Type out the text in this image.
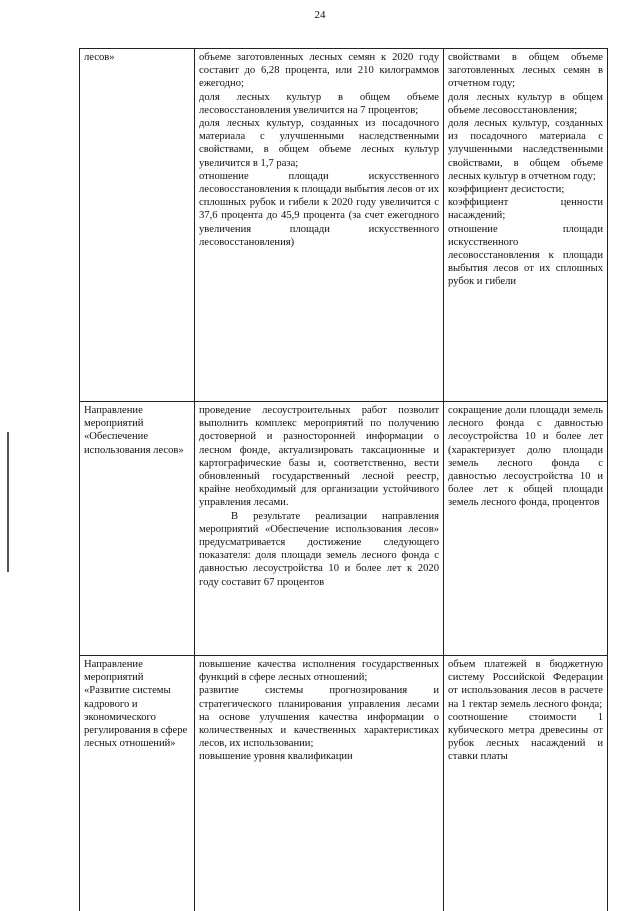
24
лесов»	объеме заготовленных лесных семян к 2020 году составит до 6,28 процента, или 210 килограммов ежегодно;

доля лесных культур в общем объеме лесовосстановления увеличится на 7 процентов;

доля лесных культур, созданных из посадочного материала с улучшенными наследственными свойствами, в общем объеме лесных культур увеличится в 1,7 раза;

отношение площади искусственного лесовосстановления к площади выбытия лесов от их сплошных рубок и гибели к 2020 году увеличится с 37,6 процента до 45,9 процента (за счет ежегодного увеличения площади искусственного лесовосстановления)

свойствами в общем объеме заготовленных лесных семян в отчетном году;

доля лесных культур в общем объеме лесовосстановления;

доля лесных культур, созданных из посадочного материала с улучшенными наследственными свойствами, в общем объеме лесных культур в отчетном году;

коэффициент десистости;

коэффициент ценности насаждений;

отношение площади искусственного лесовосстановления к площади выбытия лесов от их сплошных рубок и гибели

Направление мероприятий «Обеспечение использования лесов»

проведение лесоустроительных работ позволит выполнить комплекс мероприятий по получению достоверной и разносторонней информации о лесном фонде, актуализировать таксационные и картографические базы и, соответственно, вести обновленный государственный лесной реестр, крайне необходимый для организации устойчивого управления лесами.

В результате реализации направления мероприятий «Обеспечение использования лесов» предусматривается достижение следующего показателя: доля площади земель лесного фонда с давностью лесоустройства 10 и более лет к 2020 году составит 67 процентов

сокращение доли площади земель лесного фонда с давностью лесоустройства 10 и более лет (характеризует долю площади земель лесного фонда с давностью лесоустройства 10 и более лет к общей площади земель лесного фонда, процентов

Направление мероприятий «Развитие системы кадрового и экономического регулирования в сфере лесных отношений»

повышение качества исполнения государственных функций в сфере лесных отношений;

развитие системы прогнозирования и стратегического планирования управления лесами на основе улучшения качества информации о количественных и качественных характеристиках лесов, их использовании;

повышение уровня квалификации

объем платежей в бюджетную систему Российской Федерации от использования лесов в расчете на 1 гектар земель лесного фонда;

соотношение стоимости 1 кубического метра древесины от рубок лесных насаждений и ставки платы
